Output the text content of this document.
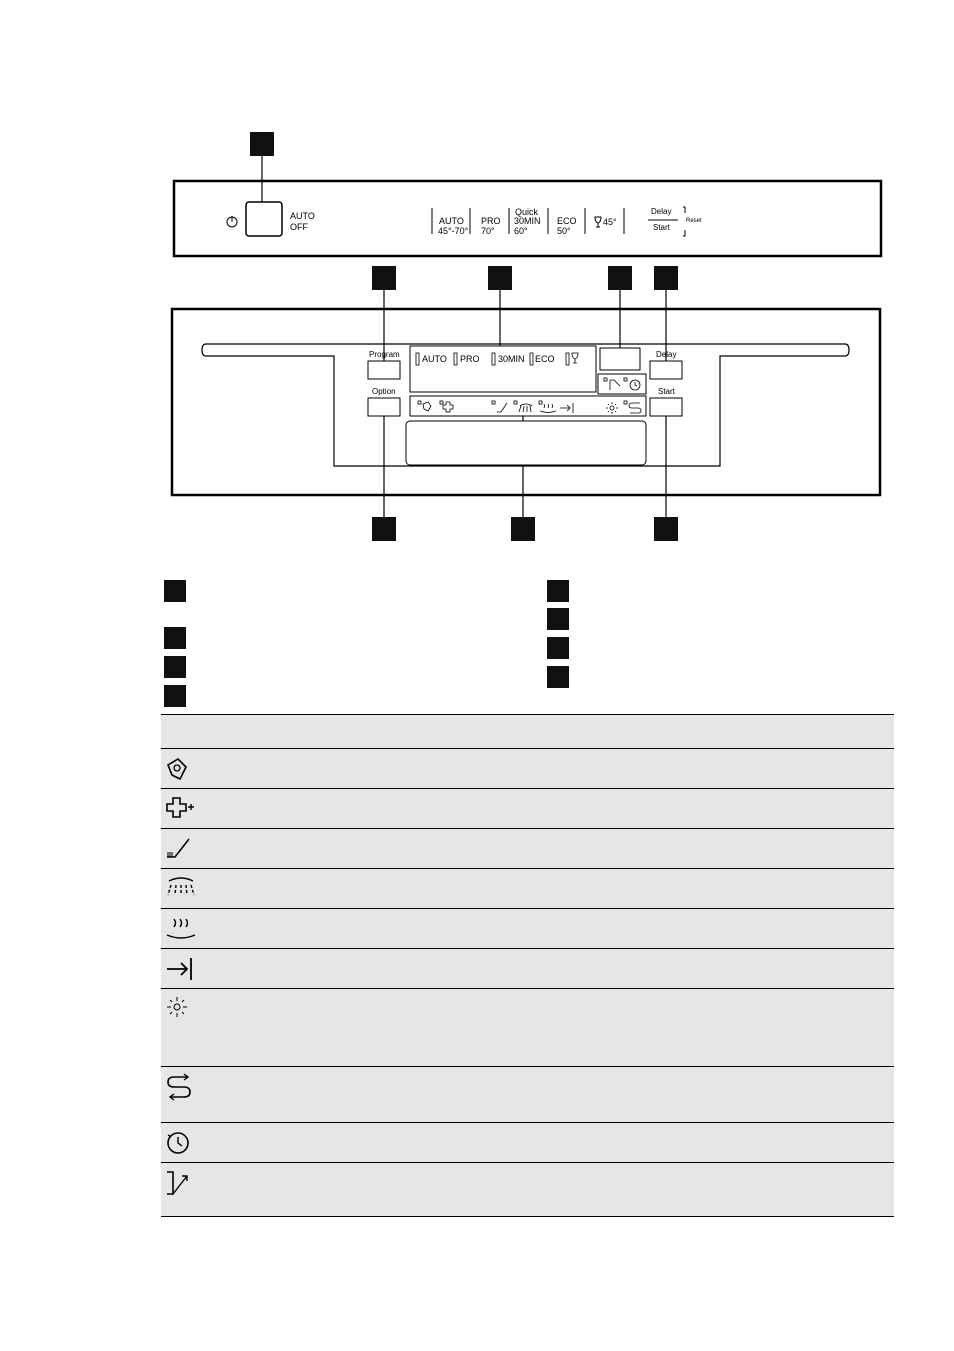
AUTO
OFF
AUTO
45°-70°
PRO
70°
Quick
30MIN
60°
ECO
50°
45°
Delay
Start
Reset
Program
Option
Delay
Start
AUTO PRO 30MIN ECO
